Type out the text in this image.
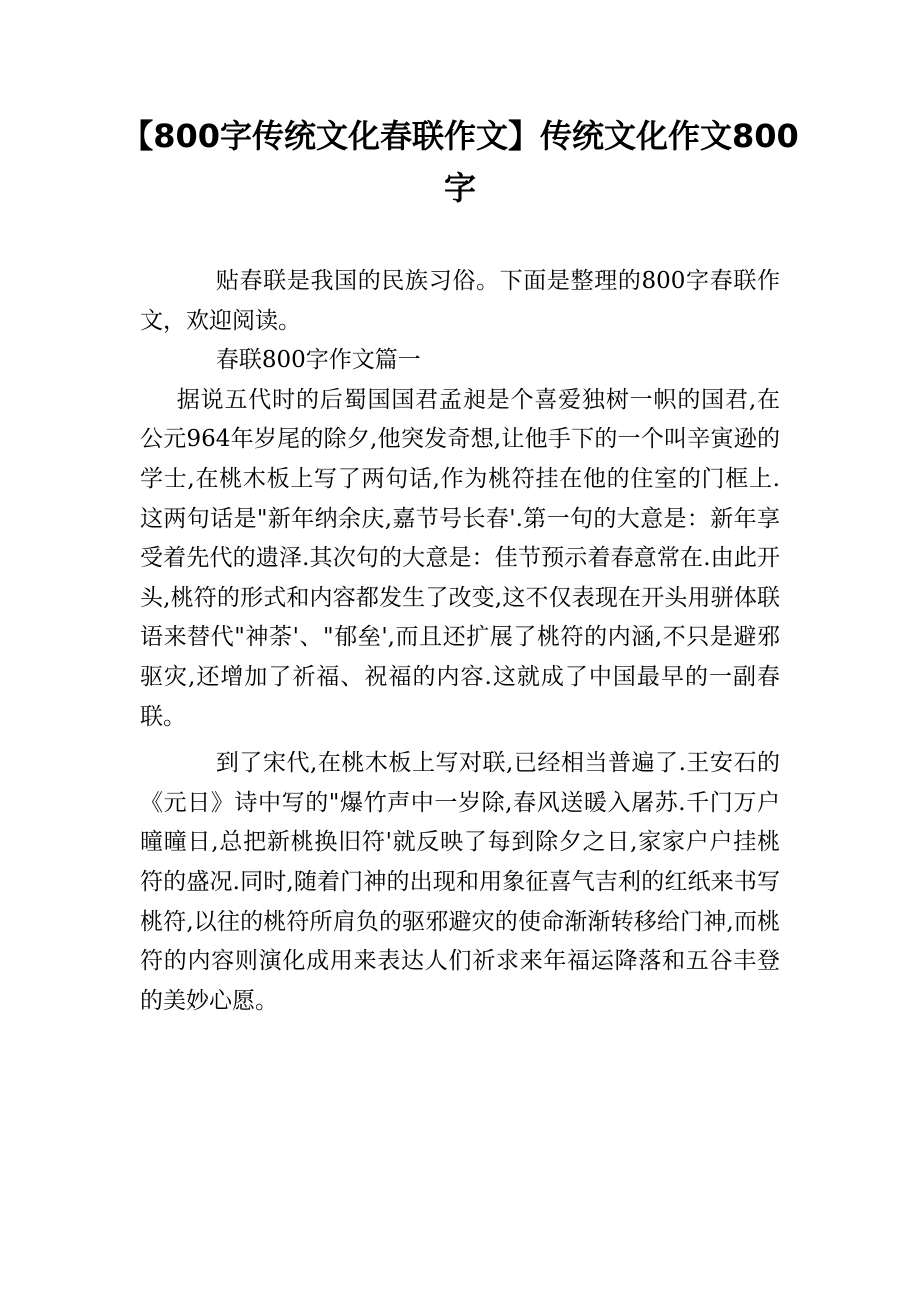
【800字传统文化春联作文】传统文化作文800字

贴春联是我国的民族习俗。下面是整理的800字春联作文，欢迎阅读。

春联800字作文篇一

据说五代时的后蜀国国君孟昶是个喜爱独树一帜的国君,在公元964年岁尾的除夕,他突发奇想,让他手下的一个叫辛寅逊的学士,在桃木板上写了两句话,作为桃符挂在他的住室的门框上.这两句话是"新年纳余庆,嘉节号长春'.第一句的大意是：新年享受着先代的遗泽.其次句的大意是：佳节预示着春意常在.由此开头,桃符的形式和内容都发生了改变,这不仅表现在开头用骈体联语来替代"神荼'、"郁垒',而且还扩展了桃符的内涵,不只是避邪驱灾,还增加了祈福、祝福的内容.这就成了中国最早的一副春联。

到了宋代,在桃木板上写对联,已经相当普遍了.王安石的《元日》诗中写的"爆竹声中一岁除,春风送暖入屠苏.千门万户曈曈日,总把新桃换旧符'就反映了每到除夕之日,家家户户挂桃符的盛况.同时,随着门神的出现和用象征喜气吉利的红纸来书写桃符,以往的桃符所肩负的驱邪避灾的使命渐渐转移给门神,而桃符的内容则演化成用来表达人们祈求来年福运降落和五谷丰登的美妙心愿。
